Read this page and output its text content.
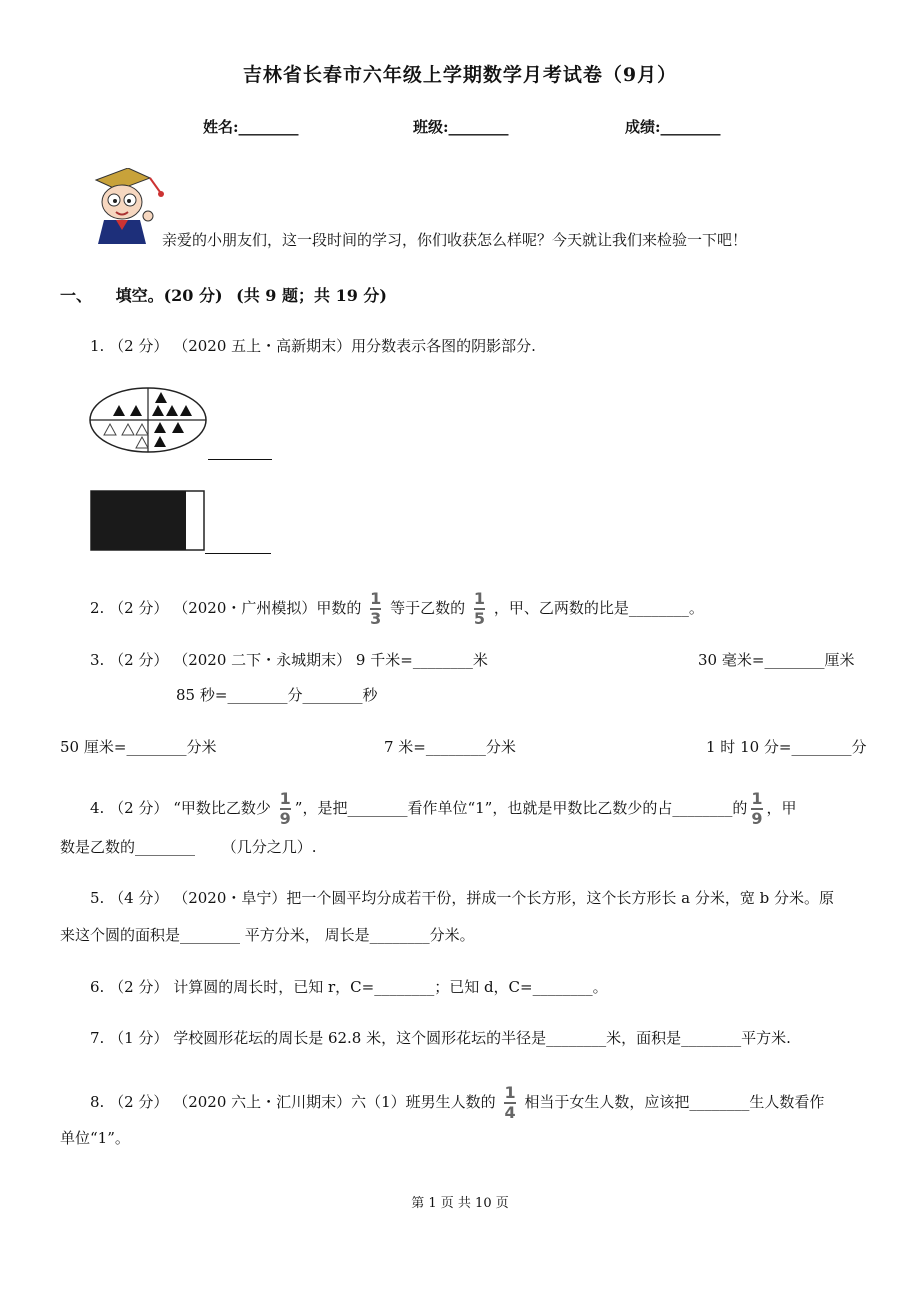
吉林省长春市六年级上学期数学月考试卷（9月）
姓名:________	班级:________	成绩:________
亲爱的小朋友们，这一段时间的学习，你们收获怎么样呢？今天就让我们来检验一下吧！
一、 填空。(20 分) (共 9 题；共 19 分)
1. （2 分） （2020 五上・高新期末）用分数表示各图的阴影部分.
2. （2 分） （2020・广州模拟）甲数的 $\frac{1}{3}$ 等于乙数的 $\frac{1}{5}$ ，甲、乙两数的比是________。
3. （2 分） （2020 二下・永城期末） 9 千米=________米	30 毫米=________厘米
85 秒=________分________秒
50 厘米=________分米	7 米=________分米	1 时 10 分=________分
4. （2 分） “甲数比乙数少 $\frac{1}{9}$ ”，是把________看作单位“1”，也就是甲数比乙数少的占________的 $\frac{1}{9}$ ，甲
数是乙数的________ （几分之几）.
5. （4 分） （2020・阜宁）把一个圆平均分成若干份，拼成一个长方形，这个长方形长 a 分米，宽 b 分米。原
来这个圆的面积是________ 平方分米， 周长是________分米。
6. （2 分） 计算圆的周长时，已知 r，C=________；已知 d，C=________。
7. （1 分） 学校圆形花坛的周长是 62.8 米，这个圆形花坛的半径是________米，面积是________平方米.
8. （2 分） （2020 六上・汇川期末）六（1）班男生人数的 $\frac{1}{4}$ 相当于女生人数，应该把________生人数看作
单位“1”。
第 1 页 共 10 页
